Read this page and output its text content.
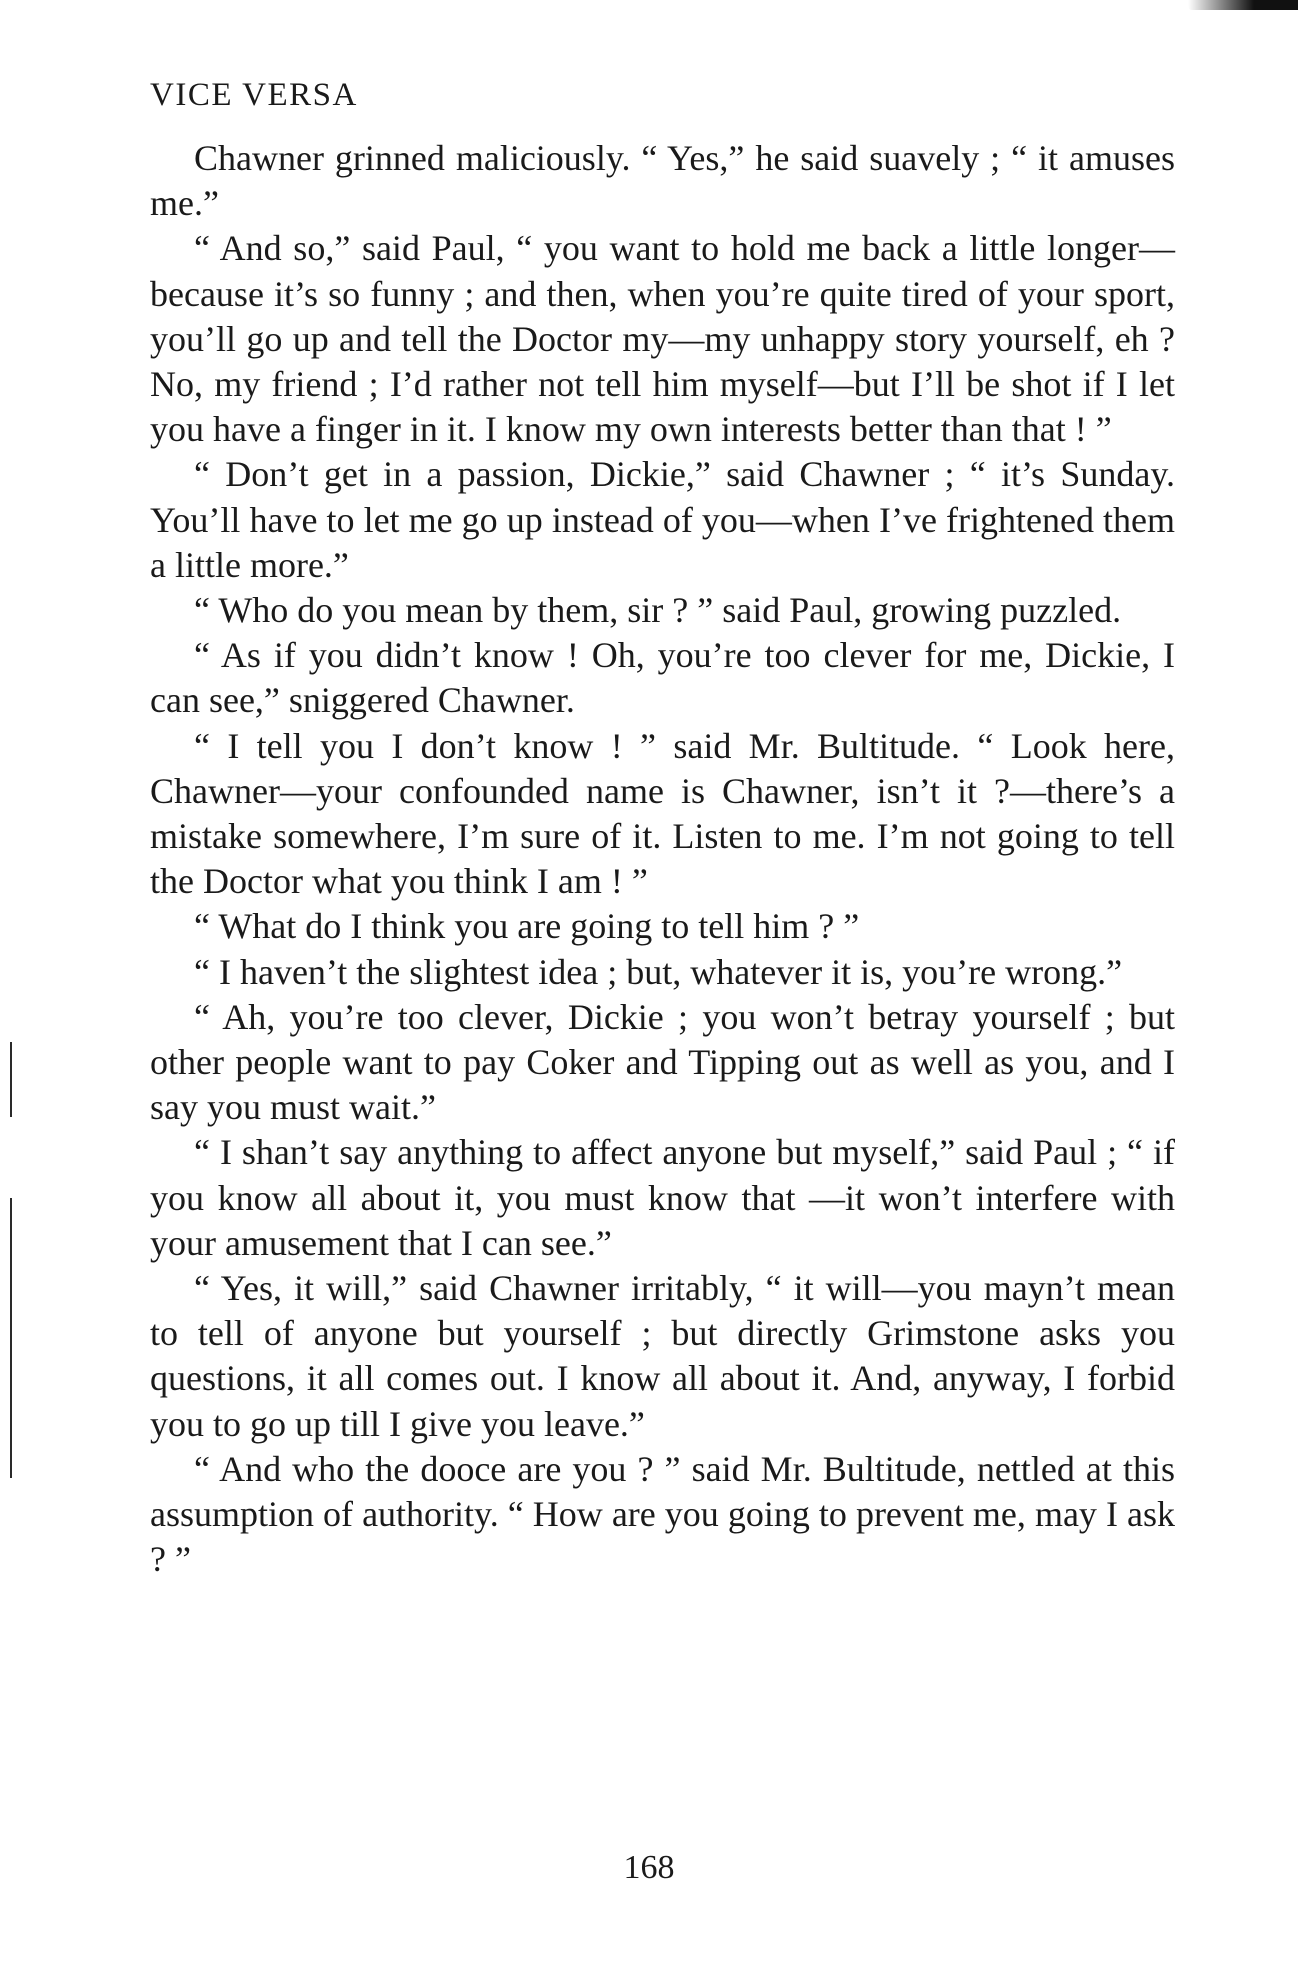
VICE VERSA

Chawner grinned maliciously. “ Yes,” he said suavely ; “ it amuses me.”

“ And so,” said Paul, “ you want to hold me back a little longer—because it’s so funny ; and then, when you’re quite tired of your sport, you’ll go up and tell the Doctor my—my unhappy story yourself, eh ? No, my friend ; I’d rather not tell him myself—but I’ll be shot if I let you have a finger in it. I know my own interests better than that ! ”

“ Don’t get in a passion, Dickie,” said Chawner ; “ it’s Sunday. You’ll have to let me go up instead of you—when I’ve frightened them a little more.”

“ Who do you mean by them, sir ? ” said Paul, growing puzzled.

“ As if you didn’t know ! Oh, you’re too clever for me, Dickie, I can see,” sniggered Chawner.

“ I tell you I don’t know ! ” said Mr. Bultitude. “ Look here, Chawner—your confounded name is Chawner, isn’t it ?—there’s a mistake somewhere, I’m sure of it. Listen to me. I’m not going to tell the Doctor what you think I am ! ”

“ What do I think you are going to tell him ? ”

“ I haven’t the slightest idea ; but, whatever it is, you’re wrong.”

“ Ah, you’re too clever, Dickie ; you won’t betray yourself ; but other people want to pay Coker and Tipping out as well as you, and I say you must wait.”

“ I shan’t say anything to affect anyone but myself,” said Paul ; “ if you know all about it, you must know that —it won’t interfere with your amusement that I can see.”

“ Yes, it will,” said Chawner irritably, “ it will—you mayn’t mean to tell of anyone but yourself ; but directly Grimstone asks you questions, it all comes out. I know all about it. And, anyway, I forbid you to go up till I give you leave.”

“ And who the dooce are you ? ” said Mr. Bultitude, nettled at this assumption of authority. “ How are you going to prevent me, may I ask ? ”

168
